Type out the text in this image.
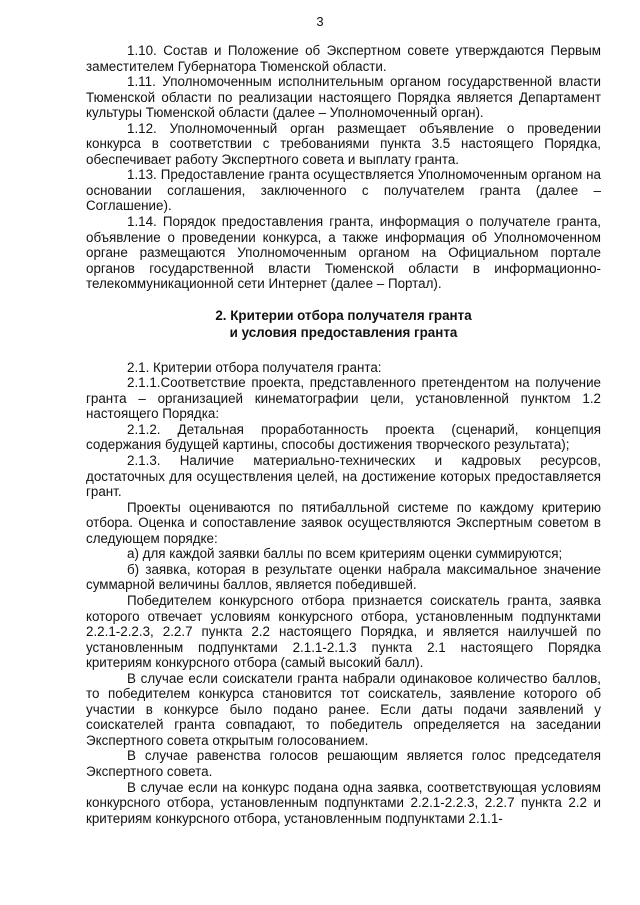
3

1.10. Состав и Положение об Экспертном совете утверждаются Первым заместителем Губернатора Тюменской области.

1.11. Уполномоченным исполнительным органом государственной власти Тюменской области по реализации настоящего Порядка является Департамент культуры Тюменской области (далее – Уполномоченный орган).

1.12. Уполномоченный орган размещает объявление о проведении конкурса в соответствии с требованиями пункта 3.5 настоящего Порядка, обеспечивает работу Экспертного совета и выплату гранта.

1.13. Предоставление гранта осуществляется Уполномоченным органом на основании соглашения, заключенного с получателем гранта (далее – Соглашение).

1.14. Порядок предоставления гранта, информация о получателе гранта, объявление о проведении конкурса, а также информация об Уполномоченном органе размещаются Уполномоченным органом на Официальном портале органов государственной власти Тюменской области в информационно-телекоммуникационной сети Интернет (далее – Портал).

2. Критерии отбора получателя гранта
и условия предоставления гранта

2.1. Критерии отбора получателя гранта:

2.1.1.Соответствие проекта, представленного претендентом на получение гранта – организацией кинематографии цели, установленной пунктом 1.2 настоящего Порядка:

2.1.2. Детальная проработанность проекта (сценарий, концепция содержания будущей картины, способы достижения творческого результата);

2.1.3. Наличие материально-технических и кадровых ресурсов, достаточных для осуществления целей, на достижение которых предоставляется грант.

Проекты оцениваются по пятибалльной системе по каждому критерию отбора. Оценка и сопоставление заявок осуществляются Экспертным советом в следующем порядке:

а) для каждой заявки баллы по всем критериям оценки суммируются;

б) заявка, которая в результате оценки набрала максимальное значение суммарной величины баллов, является победившей.

Победителем конкурсного отбора признается соискатель гранта, заявка которого отвечает условиям конкурсного отбора, установленным подпунктами 2.2.1-2.2.3, 2.2.7 пункта 2.2 настоящего Порядка, и является наилучшей по установленным подпунктами 2.1.1-2.1.3 пункта 2.1 настоящего Порядка критериям конкурсного отбора (самый высокий балл).

В случае если соискатели гранта набрали одинаковое количество баллов, то победителем конкурса становится тот соискатель, заявление которого об участии в конкурсе было подано ранее. Если даты подачи заявлений у соискателей гранта совпадают, то победитель определяется на заседании Экспертного совета открытым голосованием.

В случае равенства голосов решающим является голос председателя Экспертного совета.

В случае если на конкурс подана одна заявка, соответствующая условиям конкурсного отбора, установленным подпунктами 2.2.1-2.2.3, 2.2.7 пункта 2.2 и критериям конкурсного отбора, установленным подпунктами 2.1.1-
